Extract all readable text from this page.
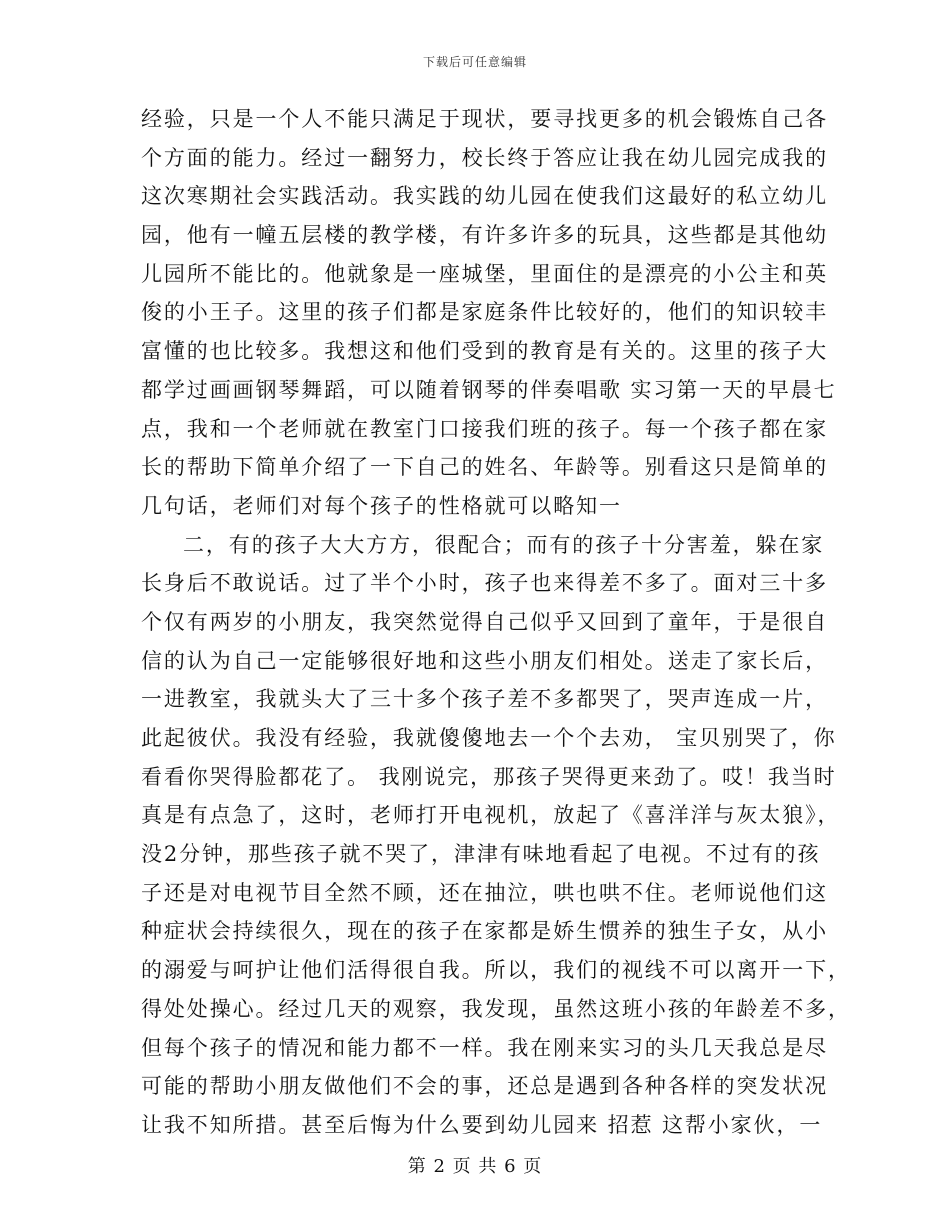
下载后可任意编辑
经验，只是一个人不能只满足于现状，要寻找更多的机会锻炼自己各
个方面的能力。经过一翻努力，校长终于答应让我在幼儿园完成我的
这次寒期社会实践活动。我实践的幼儿园在使我们这最好的私立幼儿
园，他有一幢五层楼的教学楼，有许多许多的玩具，这些都是其他幼
儿园所不能比的。他就象是一座城堡，里面住的是漂亮的小公主和英
俊的小王子。这里的孩子们都是家庭条件比较好的，他们的知识较丰
富懂的也比较多。我想这和他们受到的教育是有关的。这里的孩子大
都学过画画钢琴舞蹈，可以随着钢琴的伴奏唱歌 实习第一天的早晨七
点，我和一个老师就在教室门口接我们班的孩子。每一个孩子都在家
长的帮助下简单介绍了一下自己的姓名、年龄等。别看这只是简单的
几句话，老师们对每个孩子的性格就可以略知一
二，有的孩子大大方方，很配合；而有的孩子十分害羞，躲在家
长身后不敢说话。过了半个小时，孩子也来得差不多了。面对三十多
个仅有两岁的小朋友，我突然觉得自己似乎又回到了童年，于是很自
信的认为自己一定能够很好地和这些小朋友们相处。送走了家长后，
一进教室，我就头大了三十多个孩子差不多都哭了，哭声连成一片，
此起彼伏。我没有经验，我就傻傻地去一个个去劝， 宝贝别哭了，你
看看你哭得脸都花了。 我刚说完，那孩子哭得更来劲了。哎！我当时
真是有点急了，这时，老师打开电视机，放起了《喜洋洋与灰太狼》，
没2分钟，那些孩子就不哭了，津津有味地看起了电视。不过有的孩
子还是对电视节目全然不顾，还在抽泣，哄也哄不住。老师说他们这
种症状会持续很久，现在的孩子在家都是娇生惯养的独生子女，从小
的溺爱与呵护让他们活得很自我。所以，我们的视线不可以离开一下，
得处处操心。经过几天的观察，我发现，虽然这班小孩的年龄差不多，
但每个孩子的情况和能力都不一样。我在刚来实习的头几天我总是尽
可能的帮助小朋友做他们不会的事，还总是遇到各种各样的突发状况
让我不知所措。甚至后悔为什么要到幼儿园来 招惹 这帮小家伙，一
第 2 页 共 6 页
